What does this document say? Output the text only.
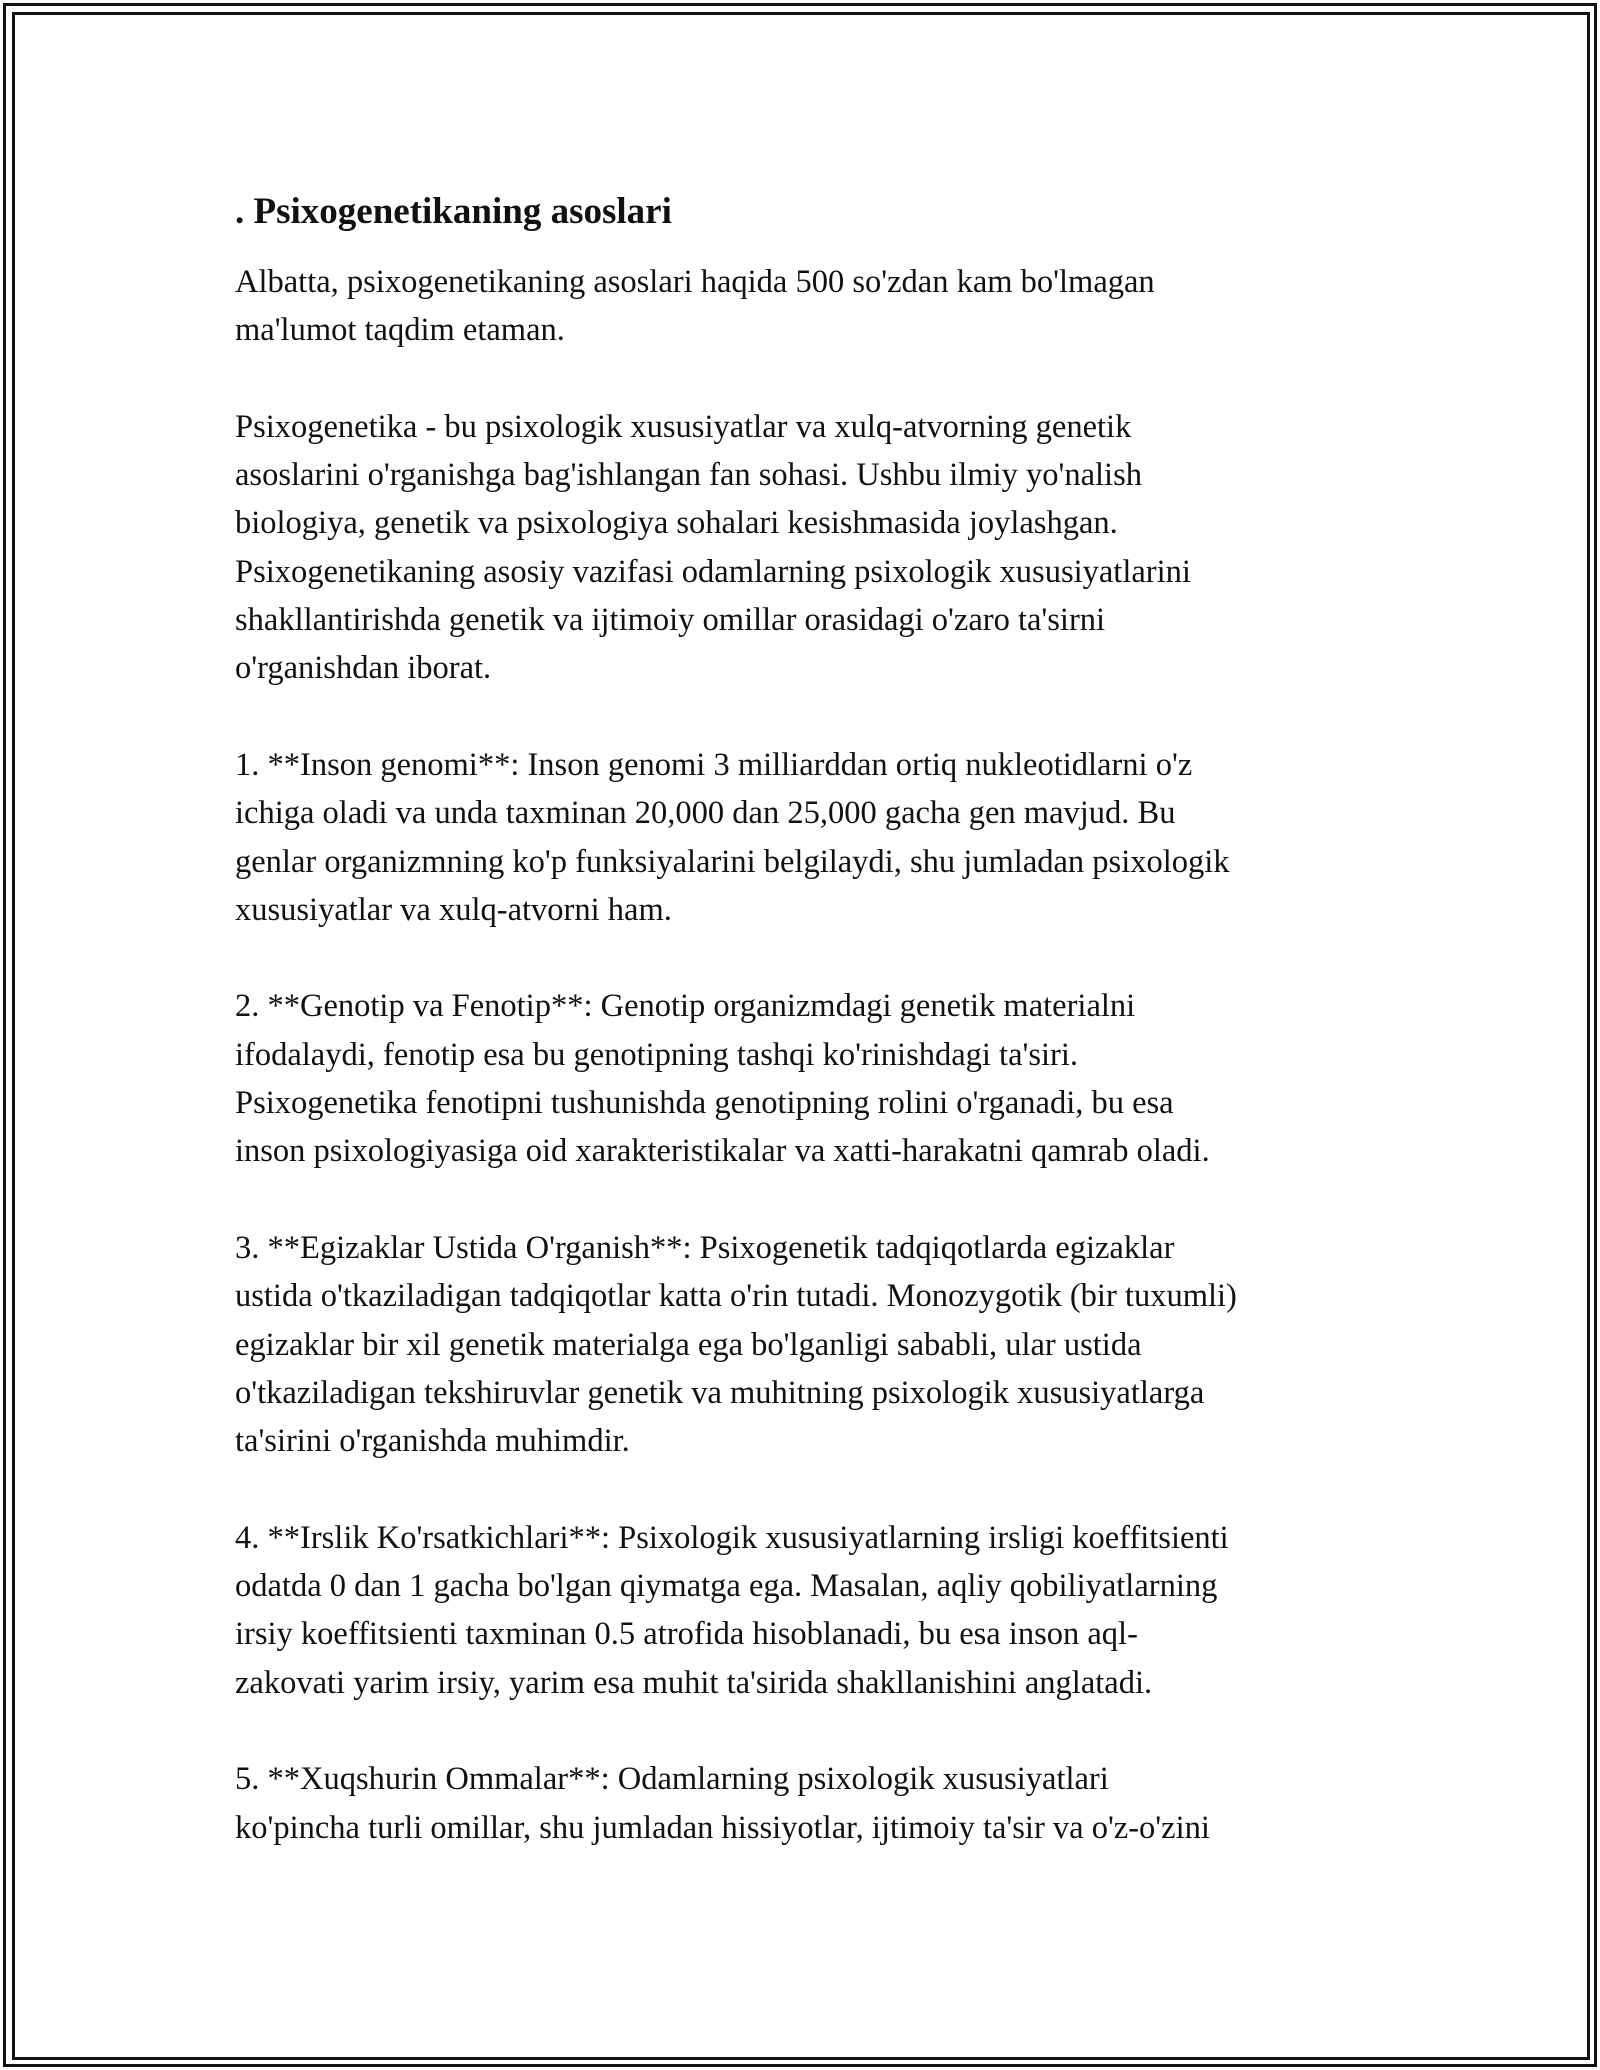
. Psixogenetikaning asoslari

Albatta, psixogenetikaning asoslari haqida 500 so'zdan kam bo'lmagan
ma'lumot taqdim etaman.

Psixogenetika - bu psixologik xususiyatlar va xulq-atvorning genetik
asoslarini o'rganishga bag'ishlangan fan sohasi. Ushbu ilmiy yo'nalish
biologiya, genetik va psixologiya sohalari kesishmasida joylashgan.
Psixogenetikaning asosiy vazifasi odamlarning psixologik xususiyatlarini
shakllantirishda genetik va ijtimoiy omillar orasidagi o'zaro ta'sirni
o'rganishdan iborat.

1. **Inson genomi**: Inson genomi 3 milliarddan ortiq nukleotidlarni o'z
ichiga oladi va unda taxminan 20,000 dan 25,000 gacha gen mavjud. Bu
genlar organizmning ko'p funksiyalarini belgilaydi, shu jumladan psixologik
xususiyatlar va xulq-atvorni ham.

2. **Genotip va Fenotip**: Genotip organizmdagi genetik materialni
ifodalaydi, fenotip esa bu genotipning tashqi ko'rinishdagi ta'siri.
Psixogenetika fenotipni tushunishda genotipning rolini o'rganadi, bu esa
inson psixologiyasiga oid xarakteristikalar va xatti-harakatni qamrab oladi.

3. **Egizaklar Ustida O'rganish**: Psixogenetik tadqiqotlarda egizaklar
ustida o'tkaziladigan tadqiqotlar katta o'rin tutadi. Monozygotik (bir tuxumli)
egizaklar bir xil genetik materialga ega bo'lganligi sababli, ular ustida
o'tkaziladigan tekshiruvlar genetik va muhitning psixologik xususiyatlarga
ta'sirini o'rganishda muhimdir.

4. **Irslik Ko'rsatkichlari**: Psixologik xususiyatlarning irsligi koeffitsienti
odatda 0 dan 1 gacha bo'lgan qiymatga ega. Masalan, aqliy qobiliyatlarning
irsiy koeffitsienti taxminan 0.5 atrofida hisoblanadi, bu esa inson aql-
zakovati yarim irsiy, yarim esa muhit ta'sirida shakllanishini anglatadi.

5. **Xuqshurin Ommalar**: Odamlarning psixologik xususiyatlari
ko'pincha turli omillar, shu jumladan hissiyotlar, ijtimoiy ta'sir va o'z-o'zini
